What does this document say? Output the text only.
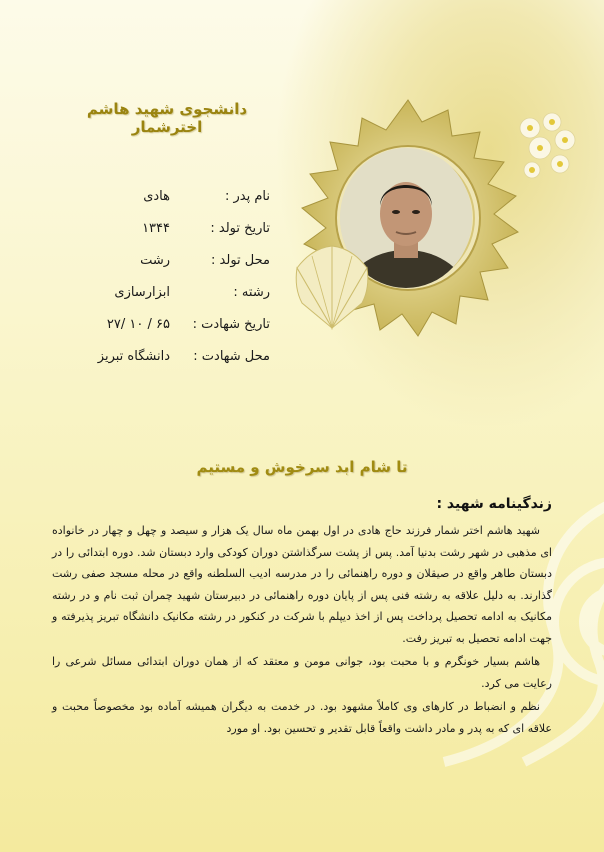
دانشجوی شهید هاشم اخترشمار
نام پدر :
هادی
تاریخ تولد :
۱۳۴۴
محل تولد :
رشت
رشته :
ابزارسازی
تاریخ شهادت :
۶۵ / ۱۰ /۲۷
محل شهادت :
دانشگاه تبریز
تا شام ابد سرخوش و مستیم
زندگینامه شهید :

شهید هاشم اختر شمار فرزند حاج هادی در اول بهمن ماه سال یک هزار و سیصد و چهل و چهار در خانواده ای مذهبی در شهر رشت بدنیا آمد. پس از پشت سرگذاشتن دوران کودکی وارد دبستان شد. دوره ابتدائی را در دبستان طاهر واقع در صیقلان و دوره راهنمائی را در مدرسه ادیب السلطنه واقع در محله مسجد صفی رشت گذارند. به دلیل علاقه به رشته فنی پس از پایان دوره راهنمائی در دبیرستان شهید چمران ثبت نام و در رشته مکانیک به ادامه تحصیل پرداخت پس از اخذ دیپلم با شرکت در کنکور در رشته مکانیک دانشگاه تبریز پذیرفته و جهت ادامه تحصیل به تبریز رفت.

هاشم بسیار خونگرم و با محبت بود، جوانی مومن و معتقد که از همان دوران ابتدائی مسائل شرعی را رعایت می کرد.

نظم و انضباط در کارهای وی کاملاً مشهود بود. در خدمت به دیگران همیشه آماده بود مخصوصاً محبت و علاقه ای که به پدر و مادر داشت واقعاً قابل تقدیر و تحسین بود. او مورد
